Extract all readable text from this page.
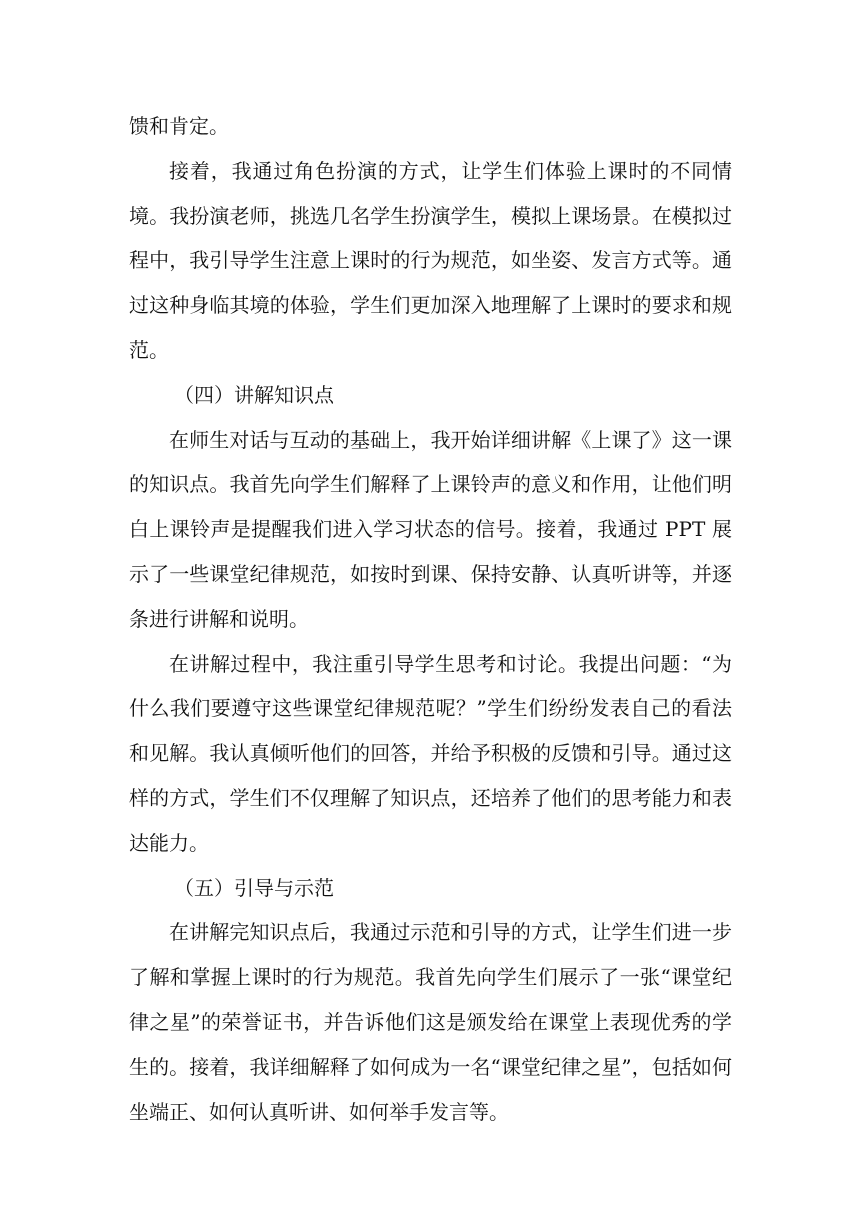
馈和肯定。

接着，我通过角色扮演的方式，让学生们体验上课时的不同情境。我扮演老师，挑选几名学生扮演学生，模拟上课场景。在模拟过程中，我引导学生注意上课时的行为规范，如坐姿、发言方式等。通过这种身临其境的体验，学生们更加深入地理解了上课时的要求和规范。

（四）讲解知识点

在师生对话与互动的基础上，我开始详细讲解《上课了》这一课的知识点。我首先向学生们解释了上课铃声的意义和作用，让他们明白上课铃声是提醒我们进入学习状态的信号。接着，我通过 PPT 展示了一些课堂纪律规范，如按时到课、保持安静、认真听讲等，并逐条进行讲解和说明。

在讲解过程中，我注重引导学生思考和讨论。我提出问题：“为什么我们要遵守这些课堂纪律规范呢？”学生们纷纷发表自己的看法和见解。我认真倾听他们的回答，并给予积极的反馈和引导。通过这样的方式，学生们不仅理解了知识点，还培养了他们的思考能力和表达能力。

（五）引导与示范

在讲解完知识点后，我通过示范和引导的方式，让学生们进一步了解和掌握上课时的行为规范。我首先向学生们展示了一张“课堂纪律之星”的荣誉证书，并告诉他们这是颁发给在课堂上表现优秀的学生的。接着，我详细解释了如何成为一名“课堂纪律之星”，包括如何坐端正、如何认真听讲、如何举手发言等。
